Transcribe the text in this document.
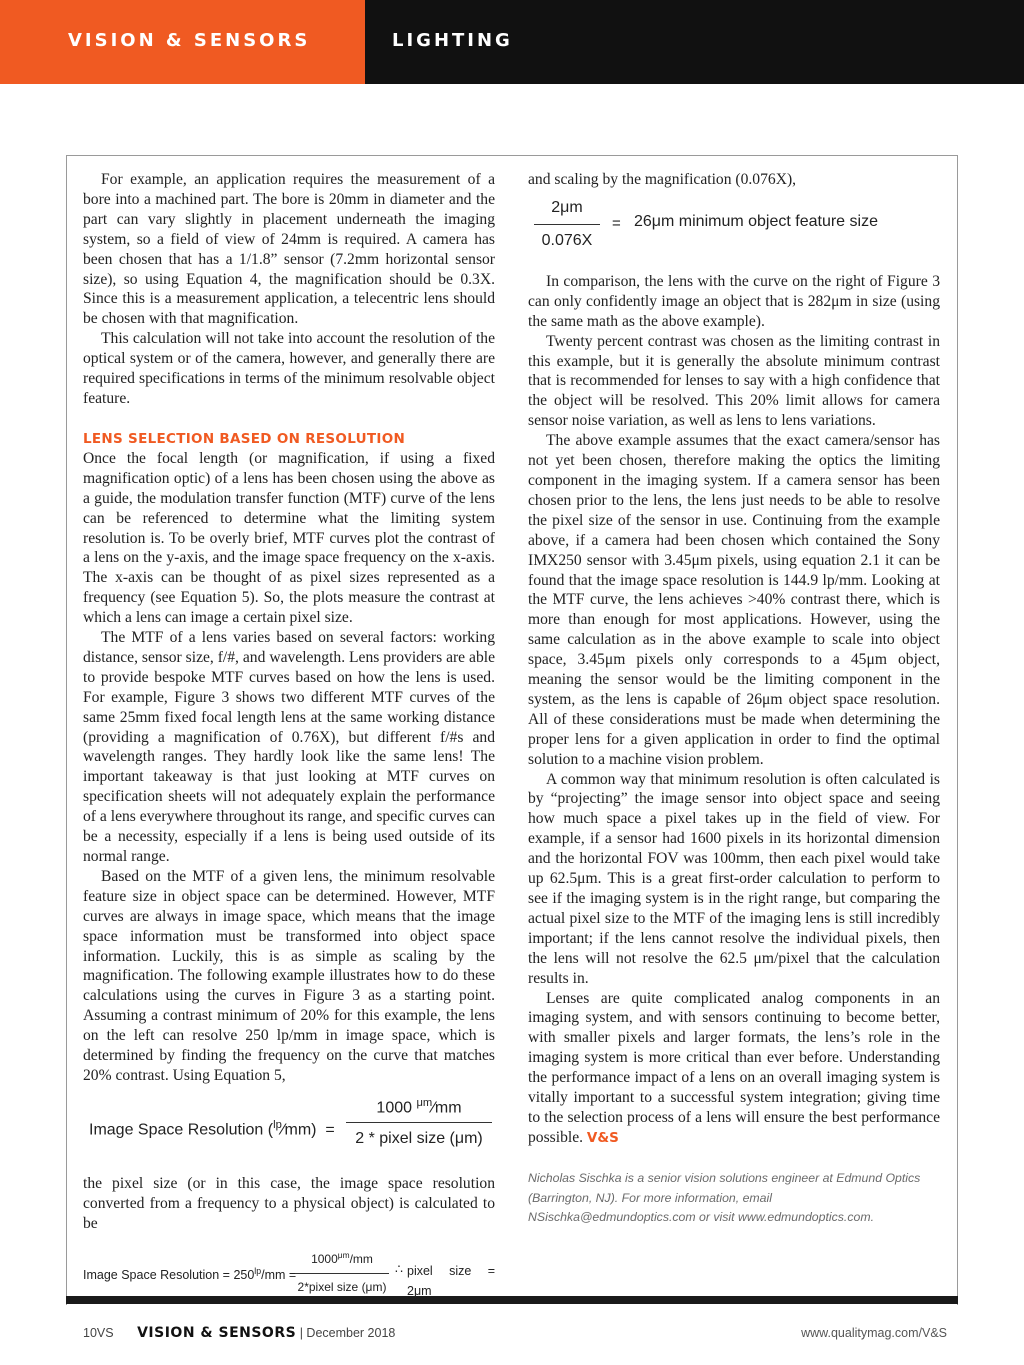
VISION & SENSORS	LIGHTING

For example, an application requires the measurement of a bore into a machined part. The bore is 20mm in diameter and the part can vary slightly in placement underneath the imaging system, so a field of view of 24mm is required. A camera has been chosen that has a 1/1.8” sensor (7.2mm horizontal sensor size), so using Equation 4, the magnification should be 0.3X. Since this is a measurement application, a telecentric lens should be chosen with that magnification.

This calculation will not take into account the resolution of the optical system or of the camera, however, and generally there are required specifications in terms of the minimum resolvable object feature.

LENS SELECTION BASED ON RESOLUTION

Once the focal length (or magnification, if using a fixed magnification optic) of a lens has been chosen using the above as a guide, the modulation transfer function (MTF) curve of the lens can be referenced to determine what the limiting system resolution is. To be overly brief, MTF curves plot the contrast of a lens on the y-axis, and the image space frequency on the x-axis. The x-axis can be thought of as pixel sizes represented as a frequency (see Equation 5). So, the plots measure the contrast at which a lens can image a certain pixel size.

The MTF of a lens varies based on several factors: working distance, sensor size, f/#, and wavelength. Lens providers are able to provide bespoke MTF curves based on how the lens is used. For example, Figure 3 shows two different MTF curves of the same 25mm fixed focal length lens at the same working distance (providing a magnification of 0.76X), but different f/#s and wavelength ranges. They hardly look like the same lens! The important takeaway is that just looking at MTF curves on specification sheets will not adequately explain the performance of a lens everywhere throughout its range, and specific curves can be a necessity, especially if a lens is being used outside of its normal range.

Based on the MTF of a given lens, the minimum resolvable feature size in object space can be determined. However, MTF curves are always in image space, which means that the image space information must be transformed into object space information. Luckily, this is as simple as scaling by the magnification. The following example illustrates how to do these calculations using the curves in Figure 3 as a starting point. Assuming a contrast minimum of 20% for this example, the lens on the left can resolve 250 lp/mm in image space, which is determined by finding the frequency on the curve that matches 20% contrast. Using Equation 5,

Image Space Resolution ($^{lp}$⁄mm) =
1000 $^{\mu m}$⁄mm
2 * pixel size (μm)

the pixel size (or in this case, the image space resolution converted from a frequency to a physical object) is calculated to be

Image Space Resolution = $250^{lp}/mm$ =
$1000^{\mu m}/mm$
2*pixel size (μm)
∴ pixel size = 2μm

and scaling by the magnification (0.076X),

$\frac{2\mu m}{0.076X} = 26\mu m$ minimum object feature size

In comparison, the lens with the curve on the right of Figure 3 can only confidently image an object that is 282μm in size (using the same math as the above example).

Twenty percent contrast was chosen as the limiting contrast in this example, but it is generally the absolute minimum contrast that is recommended for lenses to say with a high confidence that the object will be resolved. This 20% limit allows for camera sensor noise variation, as well as lens to lens variations.

The above example assumes that the exact camera/sensor has not yet been chosen, therefore making the optics the limiting component in the imaging system. If a camera sensor has been chosen prior to the lens, the lens just needs to be able to resolve the pixel size of the sensor in use. Continuing from the example above, if a camera had been chosen which contained the Sony IMX250 sensor with 3.45μm pixels, using equation 2.1 it can be found that the image space resolution is 144.9 lp/mm. Looking at the MTF curve, the lens achieves >40% contrast there, which is more than enough for most applications. However, using the same calculation as in the above example to scale into object space, 3.45μm pixels only corresponds to a 45μm object, meaning the sensor would be the limiting component in the system, as the lens is capable of 26μm object space resolution. All of these considerations must be made when determining the proper lens for a given application in order to find the optimal solution to a machine vision problem.

A common way that minimum resolution is often calculated is by “projecting” the image sensor into object space and seeing how much space a pixel takes up in the field of view. For example, if a sensor had 1600 pixels in its horizontal dimension and the horizontal FOV was 100mm, then each pixel would take up 62.5μm. This is a great first-order calculation to perform to see if the imaging system is in the right range, but comparing the actual pixel size to the MTF of the imaging lens is still incredibly important; if the lens cannot resolve the individual pixels, then the lens will not resolve the 62.5 μm/pixel that the calculation results in.

Lenses are quite complicated analog components in an imaging system, and with sensors continuing to become better, with smaller pixels and larger formats, the lens’s role in the imaging system is more critical than ever before. Understanding the performance impact of a lens on an overall imaging system is vitally important to a successful system integration; giving time to the selection process of a lens will ensure the best performance possible. V&S

Nicholas Sischka is a senior vision solutions engineer at Edmund Optics (Barrington, NJ). For more information, email NSischka@edmundoptics.com or visit www.edmundoptics.com.
10VS VISION & SENSORS | December 2018	www.qualitymag.com/V&S
